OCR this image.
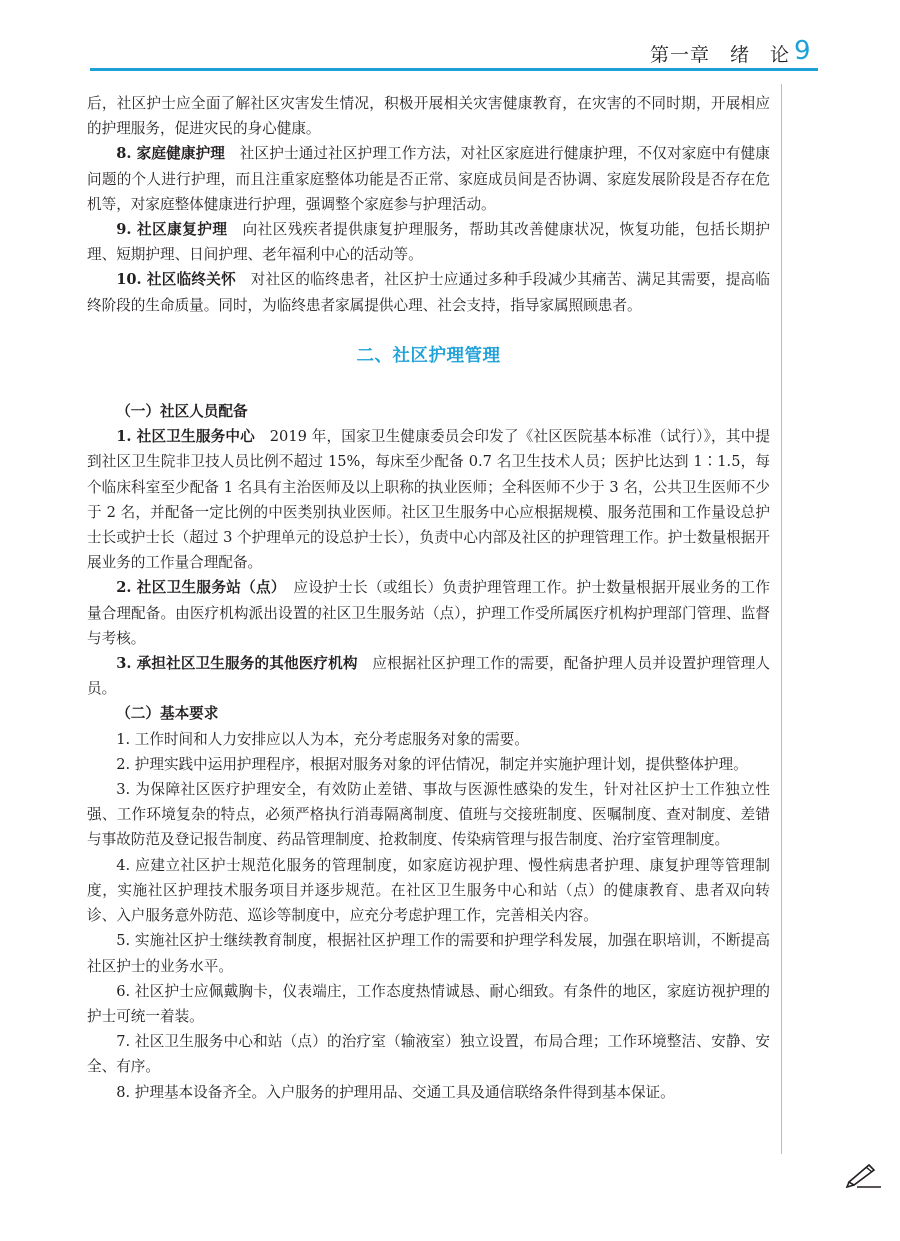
第一章　绪　论 9

后，社区护士应全面了解社区灾害发生情况，积极开展相关灾害健康教育，在灾害的不同时期，开展相应的护理服务，促进灾民的身心健康。

8. 家庭健康护理　 社区护士通过社区护理工作方法，对社区家庭进行健康护理，不仅对家庭中有健康问题的个人进行护理，而且注重家庭整体功能是否正常、家庭成员间是否协调、家庭发展阶段是否存在危机等，对家庭整体健康进行护理，强调整个家庭参与护理活动。

9. 社区康复护理　 向社区残疾者提供康复护理服务，帮助其改善健康状况，恢复功能，包括长期护理、短期护理、日间护理、老年福利中心的活动等。

10. 社区临终关怀　 对社区的临终患者，社区护士应通过多种手段减少其痛苦、满足其需要，提高临终阶段的生命质量。同时，为临终患者家属提供心理、社会支持，指导家属照顾患者。

二、社区护理管理
（一）社区人员配备

1. 社区卫生服务中心　 2019 年，国家卫生健康委员会印发了《社区医院基本标准（试行）》，其中提到社区卫生院非卫技人员比例不超过 15%，每床至少配备 0.7 名卫生技术人员；医护比达到 1∶1.5，每个临床科室至少配备 1 名具有主治医师及以上职称的执业医师；全科医师不少于 3 名，公共卫生医师不少于 2 名，并配备一定比例的中医类别执业医师。社区卫生服务中心应根据规模、服务范围和工作量设总护士长或护士长（超过 3 个护理单元的设总护士长），负责中心内部及社区的护理管理工作。护士数量根据开展业务的工作量合理配备。

2. 社区卫生服务站（点）　 应设护士长（或组长）负责护理管理工作。护士数量根据开展业务的工作量合理配备。由医疗机构派出设置的社区卫生服务站（点），护理工作受所属医疗机构护理部门管理、监督与考核。

3. 承担社区卫生服务的其他医疗机构　 应根据社区护理工作的需要，配备护理人员并设置护理管理人员。

（二）基本要求

1. 工作时间和人力安排应以人为本，充分考虑服务对象的需要。

2. 护理实践中运用护理程序，根据对服务对象的评估情况，制定并实施护理计划，提供整体护理。

3. 为保障社区医疗护理安全，有效防止差错、事故与医源性感染的发生，针对社区护士工作独立性强、工作环境复杂的特点，必须严格执行消毒隔离制度、值班与交接班制度、医嘱制度、查对制度、差错与事故防范及登记报告制度、药品管理制度、抢救制度、传染病管理与报告制度、治疗室管理制度。

4. 应建立社区护士规范化服务的管理制度，如家庭访视护理、慢性病患者护理、康复护理等管理制度，实施社区护理技术服务项目并逐步规范。在社区卫生服务中心和站（点）的健康教育、患者双向转诊、入户服务意外防范、巡诊等制度中，应充分考虑护理工作，完善相关内容。

5. 实施社区护士继续教育制度，根据社区护理工作的需要和护理学科发展，加强在职培训，不断提高社区护士的业务水平。

6. 社区护士应佩戴胸卡，仪表端庄，工作态度热情诚恳、耐心细致。有条件的地区，家庭访视护理的护士可统一着装。

7. 社区卫生服务中心和站（点）的治疗室（输液室）独立设置，布局合理；工作环境整洁、安静、安全、有序。

8. 护理基本设备齐全。入户服务的护理用品、交通工具及通信联络条件得到基本保证。
